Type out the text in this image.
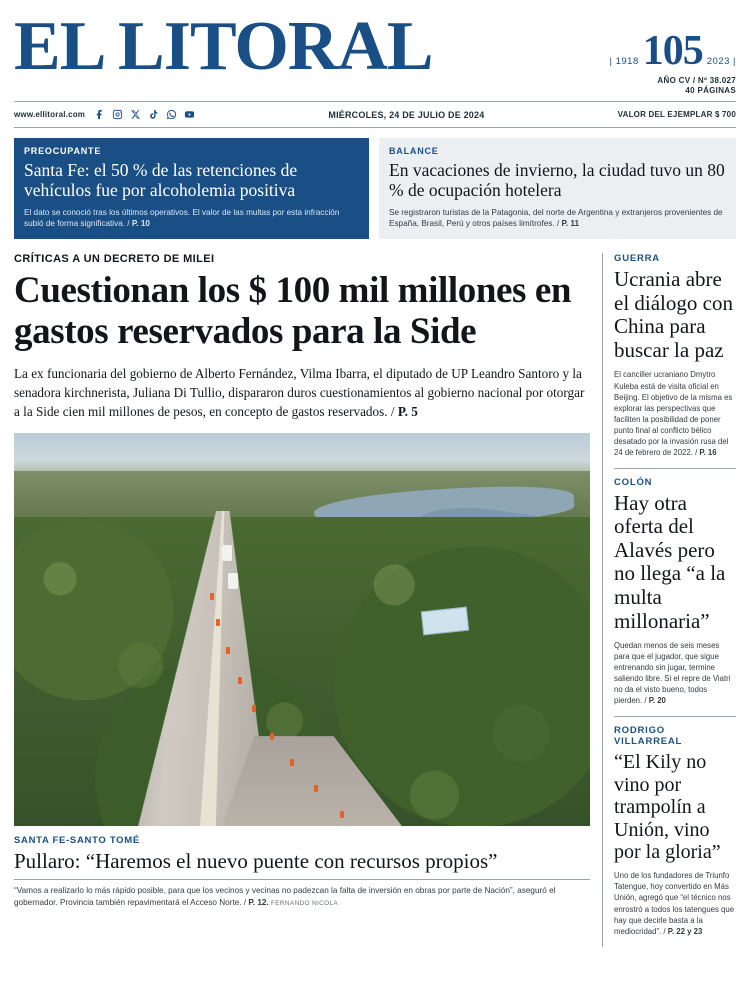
EL LITORAL	| 1918 105 2023 |
AÑO CV / Nº 38.027
40 PÁGINAS
www.ellitoral.com	MIÉRCOLES, 24 DE JULIO DE 2024	VALOR DEL EJEMPLAR $ 700
PREOCUPANTE
Santa Fe: el 50 % de las retenciones de vehículos fue por alcoholemia positiva
El dato se conoció tras los últimos operativos. El valor de las multas por esta infracción subió de forma significativa. / P. 10
BALANCE
En vacaciones de invierno, la ciudad tuvo un 80 % de ocupación hotelera
Se registraron turistas de la Patagonia, del norte de Argentina y extranjeros provenientes de España, Brasil, Perú y otros países limítrofes. / P. 11
CRÍTICAS A UN DECRETO DE MILEI
Cuestionan los $ 100 mil millones en gastos reservados para la Side
La ex funcionaria del gobierno de Alberto Fernández, Vilma Ibarra, el diputado de UP Leandro Santoro y la senadora kirchnerista, Juliana Di Tullio, dispararon duros cuestionamientos al gobierno nacional por otorgar a la Side cien mil millones de pesos, en concepto de gastos reservados. / P. 5
SANTA FE-SANTO TOMÉ
Pullaro: “Haremos el nuevo puente con recursos propios”
“Vamos a realizarlo lo más rápido posible, para que los vecinos y vecinas no padezcan la falta de inversión en obras por parte de Nación”, aseguró el gobernador. Provincia también repavimentará el Acceso Norte. / P. 12. FERNANDO NICOLA
GUERRA
Ucrania abre el diálogo con China para buscar la paz
El canciller ucraniano Dmytro Kuleba está de visita oficial en Beijing. El objetivo de la misma es explorar las perspectivas que faciliten la posibilidad de poner punto final al conflicto bélico desatado por la invasión rusa del 24 de febrero de 2022. / P. 16
COLÓN
Hay otra oferta del Alavés pero no llega “a la multa millonaria”
Quedan menos de seis meses para que el jugador, que sigue entrenando sin jugar, termine saliendo libre. Si el repre de Viatri no da el visto bueno, todos pierden. / P. 20
RODRIGO VILLARREAL
“El Kily no vino por trampolín a Unión, vino por la gloria”
Uno de los fundadores de Triunfo Tatengue, hoy convertido en Más Unión, agregó que “el técnico nos enrostró a todos los tatengues que hay que decirle basta a la mediocridad”. / P. 22 y 23
